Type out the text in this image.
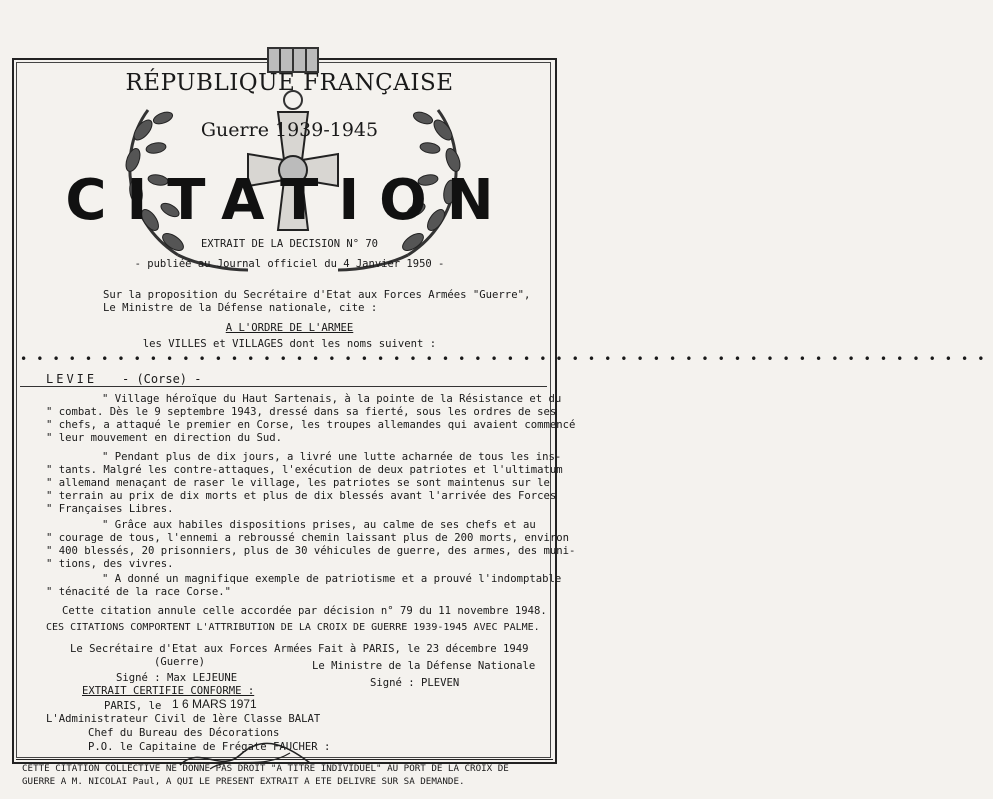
RÉPUBLIQUE FRANÇAISE
Guerre 1939-1945
CITATION
EXTRAIT DE LA DECISION N° 70
- publiée au Journal officiel du 4 Janvier 1950 -
Sur la proposition du Secrétaire d'Etat aux Forces Armées "Guerre",
Le Ministre de la Défense nationale, cite :
A L'ORDRE DE L'ARMEE
les VILLES et VILLAGES dont les noms suivent :
••••••••••••••••••••••••••••••••••••••••••••••••••••••••••••
LEVIE - (Corse) -
" Village héroïque du Haut Sartenais, à la pointe de la Résistance et du
" combat. Dès le 9 septembre 1943, dressé dans sa fierté, sous les ordres de ses
" chefs, a attaqué le premier en Corse, les troupes allemandes qui avaient commencé
" leur mouvement en direction du Sud.
" Pendant plus de dix jours, a livré une lutte acharnée de tous les ins-
" tants. Malgré les contre-attaques, l'exécution de deux patriotes et l'ultimatum
" allemand menaçant de raser le village, les patriotes se sont maintenus sur le
" terrain au prix de dix morts et plus de dix blessés avant l'arrivée des Forces
" Françaises Libres.
" Grâce aux habiles dispositions prises, au calme de ses chefs et au
" courage de tous, l'ennemi a rebroussé chemin laissant plus de 200 morts, environ
" 400 blessés, 20 prisonniers, plus de 30 véhicules de guerre, des armes, des muni-
" tions, des vivres.
" A donné un magnifique exemple de patriotisme et a prouvé l'indomptable
" ténacité de la race Corse."
Cette citation annule celle accordée par décision n° 79 du 11 novembre 1948.
CES CITATIONS COMPORTENT L'ATTRIBUTION DE LA CROIX DE GUERRE 1939-1945 AVEC PALME.
Le Secrétaire d'Etat aux Forces Armées
(Guerre)
Signé : Max LEJEUNE
EXTRAIT CERTIFIE CONFORME :
PARIS, le 1 6 MARS 1971
L'Administrateur Civil de 1ère Classe BALAT
Chef du Bureau des Décorations
P.O. le Capitaine de Frégate FAUCHER :
Fait à PARIS, le 23 décembre 1949
Le Ministre de la Défense Nationale
Signé : PLEVEN
CETTE CITATION COLLECTIVE NE DONNE PAS DROIT "A TITRE INDIVIDUEL" AU PORT DE LA CROIX DE
GUERRE A M. NICOLAI Paul, A QUI LE PRESENT EXTRAIT A ETE DELIVRE SUR SA DEMANDE.
